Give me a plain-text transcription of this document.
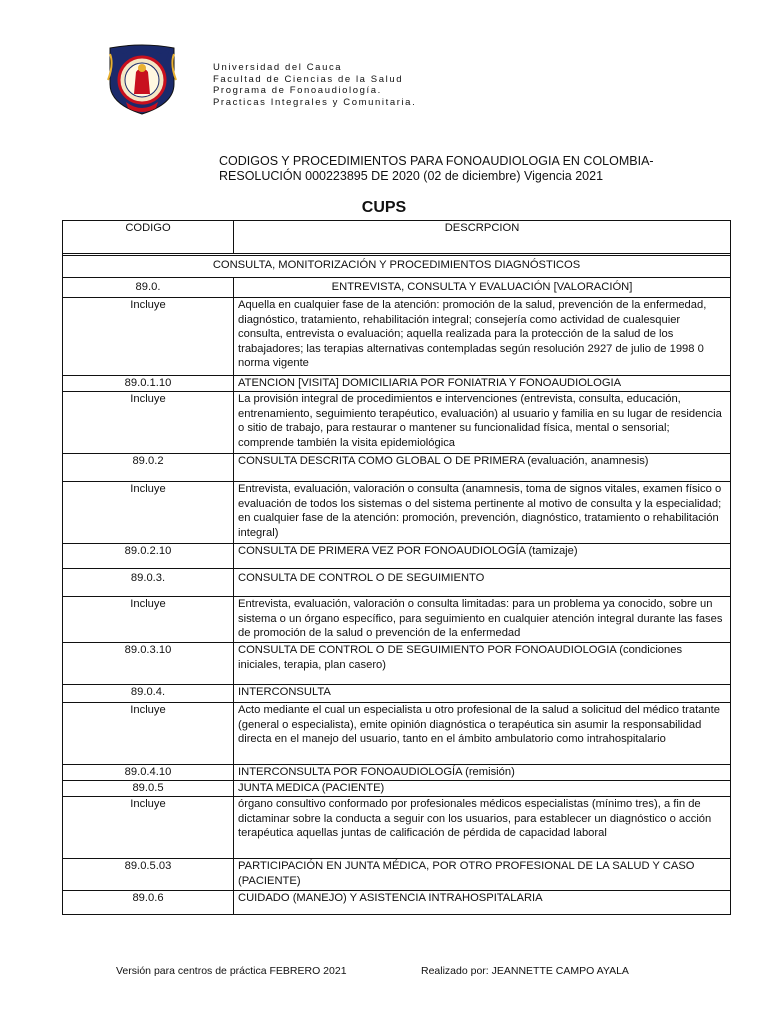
Universidad del Cauca
Facultad de Ciencias de la Salud
Programa de Fonoaudiología.
Practicas Integrales y Comunitaria.
CODIGOS Y PROCEDIMIENTOS PARA FONOAUDIOLOGIA EN COLOMBIA-
RESOLUCIÓN 000223895 DE 2020 (02 de diciembre) Vigencia 2021
CUPS
CODIGO	DESCRPCION

CONSULTA, MONITORIZACIÓN Y PROCEDIMIENTOS DIAGNÓSTICOS	
89.0.	ENTREVISTA, CONSULTA Y EVALUACIÓN [VALORACIÓN]
Incluye	Aquella en cualquier fase de la atención: promoción de la salud, prevención de la enfermedad, diagnóstico, tratamiento, rehabilitación integral; consejería como actividad de cualesquier consulta, entrevista o evaluación; aquella realizada para la protección de la salud de los trabajadores; las terapias alternativas contempladas según resolución 2927 de julio de 1998 0 norma vigente
89.0.1.10	ATENCION [VISITA] DOMICILIARIA POR FONIATRIA Y FONOAUDIOLOGIA
Incluye	La provisión integral de procedimientos e intervenciones (entrevista, consulta, educación, entrenamiento, seguimiento terapéutico, evaluación) al usuario y familia en su lugar de residencia o sitio de trabajo, para restaurar o mantener su funcionalidad física, mental o sensorial; comprende también la visita epidemiológica
89.0.2	CONSULTA DESCRITA COMO GLOBAL O DE PRIMERA (evaluación, anamnesis)
Incluye	Entrevista, evaluación, valoración o consulta (anamnesis, toma de signos vitales, examen físico o evaluación de todos los sistemas o del sistema pertinente al motivo de consulta y la especialidad; en cualquier fase de la atención: promoción, prevención, diagnóstico, tratamiento o rehabilitación integral)
89.0.2.10	CONSULTA DE PRIMERA VEZ POR FONOAUDIOLOGÍA (tamizaje)
89.0.3.	CONSULTA DE CONTROL O DE SEGUIMIENTO
Incluye	Entrevista, evaluación, valoración o consulta limitadas: para un problema ya conocido, sobre un sistema o un órgano específico, para seguimiento en cualquier atención integral durante las fases de promoción de la salud o prevención de la enfermedad
89.0.3.10	CONSULTA DE CONTROL O DE SEGUIMIENTO POR FONOAUDIOLOGIA (condiciones iniciales, terapia, plan casero)
89.0.4.	INTERCONSULTA
Incluye	Acto mediante el cual un especialista u otro profesional de la salud a solicitud del médico tratante (general o especialista), emite opinión diagnóstica o terapéutica sin asumir la responsabilidad directa en el manejo del usuario, tanto en el ámbito ambulatorio como intrahospitalario
89.0.4.10	INTERCONSULTA POR FONOAUDIOLOGÍA (remisión)
89.0.5	JUNTA MEDICA (PACIENTE)
Incluye	órgano consultivo conformado por profesionales médicos especialistas (mínimo tres), a fin de dictaminar sobre la conducta a seguir con los usuarios, para establecer un diagnóstico o acción terapéutica aquellas juntas de calificación de pérdida de capacidad laboral
89.0.5.03	PARTICIPACIÓN EN JUNTA MÉDICA, POR OTRO PROFESIONAL DE LA SALUD Y CASO (PACIENTE)
89.0.6	CUIDADO (MANEJO) Y ASISTENCIA INTRAHOSPITALARIA
Versión para centros de práctica FEBRERO 2021	Realizado por: JEANNETTE CAMPO AYALA
